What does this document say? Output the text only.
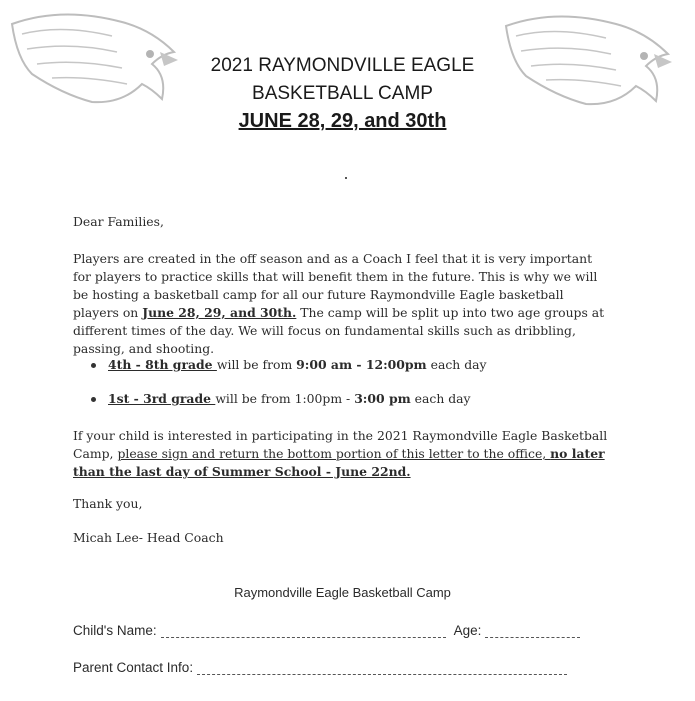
2021 RAYMONDVILLE EAGLE
BASKETBALL CAMP
JUNE 28, 29, and 30th
Dear Families,
Players are created in the off season and as a Coach I feel that it is very important for players to practice skills that will benefit them in the future. This is why we will be hosting a basketball camp for all our future Raymondville Eagle basketball players on June 28, 29, and 30th. The camp will be split up into two age groups at different times of the day. We will focus on fundamental skills such as dribbling, passing, and shooting.
4th - 8th grade will be from 9:00 am - 12:00pm each day
1st - 3rd grade will be from 1:00pm - 3:00 pm each day
If your child is interested in participating in the 2021 Raymondville Eagle Basketball Camp, please sign and return the bottom portion of this letter to the office, no later than the last day of Summer School - June 22nd.
Thank you,
Micah Lee- Head Coach
Raymondville Eagle Basketball Camp
Child's Name:	Age:
Parent Contact Info:
